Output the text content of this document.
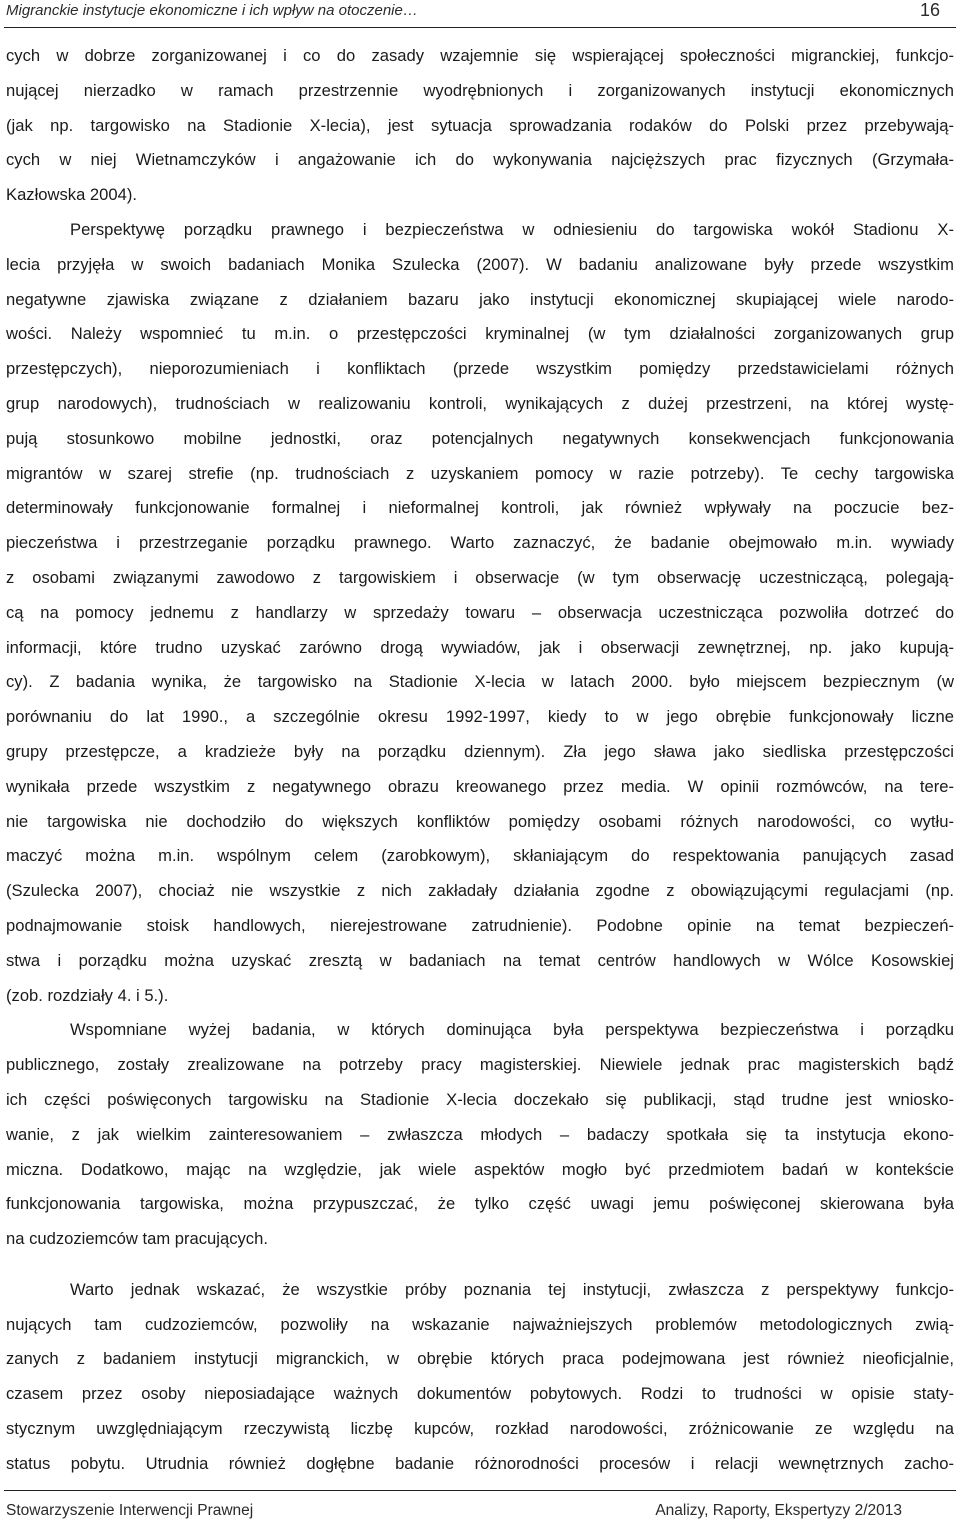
Migranckie instytucje ekonomiczne i ich wpływ na otoczenie…	16
cych w dobrze zorganizowanej i co do zasady wzajemnie się wspierającej społeczności migranckiej, funkcjo-
nującej nierzadko w ramach przestrzennie wyodrębnionych i zorganizowanych instytucji ekonomicznych
(jak np. targowisko na Stadionie X-lecia), jest sytuacja sprowadzania rodaków do Polski przez przebywają-
cych w niej Wietnamczyków i angażowanie ich do wykonywania najcięższych prac fizycznych (Grzymała-
Kazłowska 2004).
Perspektywę porządku prawnego i bezpieczeństwa w odniesieniu do targowiska wokół Stadionu X-
lecia przyjęła w swoich badaniach Monika Szulecka (2007). W badaniu analizowane były przede wszystkim
negatywne zjawiska związane z działaniem bazaru jako instytucji ekonomicznej skupiającej wiele narodo-
wości. Należy wspomnieć tu m.in. o przestępczości kryminalnej (w tym działalności zorganizowanych grup
przestępczych), nieporozumieniach i konfliktach (przede wszystkim pomiędzy przedstawicielami różnych
grup narodowych), trudnościach w realizowaniu kontroli, wynikających z dużej przestrzeni, na której wystę-
pują stosunkowo mobilne jednostki, oraz potencjalnych negatywnych konsekwencjach funkcjonowania
migrantów w szarej strefie (np. trudnościach z uzyskaniem pomocy w razie potrzeby). Te cechy targowiska
determinowały funkcjonowanie formalnej i nieformalnej kontroli, jak również wpływały na poczucie bez-
pieczeństwa i przestrzeganie porządku prawnego. Warto zaznaczyć, że badanie obejmowało m.in. wywiady
z osobami związanymi zawodowo z targowiskiem i obserwacje (w tym obserwację uczestniczącą, polegają-
cą na pomocy jednemu z handlarzy w sprzedaży towaru – obserwacja uczestnicząca pozwoliła dotrzeć do
informacji, które trudno uzyskać zarówno drogą wywiadów, jak i obserwacji zewnętrznej, np. jako kupują-
cy). Z badania wynika, że targowisko na Stadionie X-lecia w latach 2000. było miejscem bezpiecznym (w
porównaniu do lat 1990., a szczególnie okresu 1992-1997, kiedy to w jego obrębie funkcjonowały liczne
grupy przestępcze, a kradzieże były na porządku dziennym). Zła jego sława jako siedliska przestępczości
wynikała przede wszystkim z negatywnego obrazu kreowanego przez media. W opinii rozmówców, na tere-
nie targowiska nie dochodziło do większych konfliktów pomiędzy osobami różnych narodowości, co wytłu-
maczyć można m.in. wspólnym celem (zarobkowym), skłaniającym do respektowania panujących zasad
(Szulecka 2007), chociaż nie wszystkie z nich zakładały działania zgodne z obowiązującymi regulacjami (np.
podnajmowanie stoisk handlowych, nierejestrowane zatrudnienie). Podobne opinie na temat bezpieczeń-
stwa i porządku można uzyskać zresztą w badaniach na temat centrów handlowych w Wólce Kosowskiej
(zob. rozdziały 4. i 5.).
Wspomniane wyżej badania, w których dominująca była perspektywa bezpieczeństwa i porządku
publicznego, zostały zrealizowane na potrzeby pracy magisterskiej. Niewiele jednak prac magisterskich bądź
ich części poświęconych targowisku na Stadionie X-lecia doczekało się publikacji, stąd trudne jest wniosko-
wanie, z jak wielkim zainteresowaniem – zwłaszcza młodych – badaczy spotkała się ta instytucja ekono-
miczna. Dodatkowo, mając na względzie, jak wiele aspektów mogło być przedmiotem badań w kontekście
funkcjonowania targowiska, można przypuszczać, że tylko część uwagi jemu poświęconej skierowana była
na cudzoziemców tam pracujących.
Warto jednak wskazać, że wszystkie próby poznania tej instytucji, zwłaszcza z perspektywy funkcjo-
nujących tam cudzoziemców, pozwoliły na wskazanie najważniejszych problemów metodologicznych zwią-
zanych z badaniem instytucji migranckich, w obrębie których praca podejmowana jest również nieoficjalnie,
czasem przez osoby nieposiadające ważnych dokumentów pobytowych. Rodzi to trudności w opisie staty-
stycznym uwzględniającym rzeczywistą liczbę kupców, rozkład narodowości, zróżnicowanie ze względu na
status pobytu. Utrudnia również dogłębne badanie różnorodności procesów i relacji wewnętrznych zacho-
Stowarzyszenie Interwencji Prawnej	Analizy, Raporty, Ekspertyzy 2/2013
